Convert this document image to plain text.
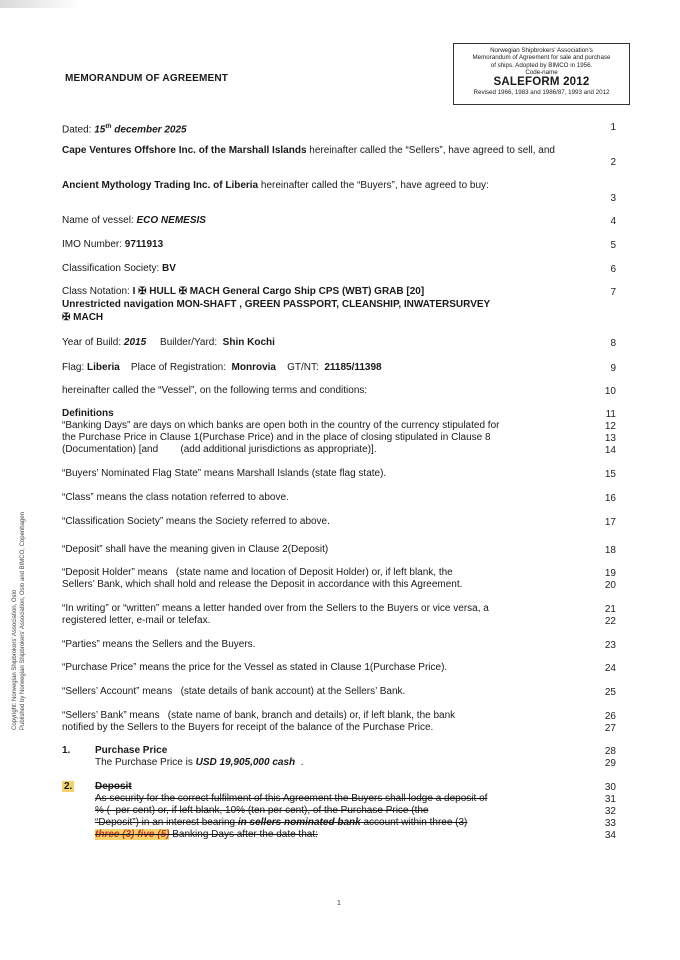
MEMORANDUM OF AGREEMENT
Norwegian Shipbrokers' Association's
Memorandum of Agreement for sale and purchase
of ships. Adopted by BIMCO in 1956.
Code-name
SALEFORM 2012
Revised 1966, 1983 and 1986/87, 1993 and 2012
Dated: 15th december 2025	1
Cape Ventures Offshore Inc. of the Marshall Islands hereinafter called the “Sellers”, have agreed to sell, and
2
Ancient Mythology Trading Inc. of Liberia hereinafter called the “Buyers”, have agreed to buy:
3
Name of vessel: ECO NEMESIS	4
IMO Number: 9711913	5
Classification Society: BV	6
Class Notation: I ✠ HULL ✠ MACH General Cargo Ship CPS (WBT) GRAB [20]
Unrestricted navigation MON-SHAFT , GREEN PASSPORT, CLEANSHIP, INWATERSURVEY
✠ MACH
7
Year of Build: 2015     Builder/Yard:  Shin Kochi	8
Flag: Liberia    Place of Registration:  Monrovia    GT/NT:  21185/11398	9
hereinafter called the “Vessel”, on the following terms and conditions:	10
Definitions	11
“Banking Days” are days on which banks are open both in the country of the currency stipulated for	12
the Purchase Price in Clause 1(Purchase Price) and in the place of closing stipulated in Clause 8	13
(Documentation) [and        (add additional jurisdictions as appropriate)].	14
“Buyers’ Nominated Flag State” means Marshall Islands (state flag state).	15
“Class” means the class notation referred to above.	16
“Classification Society” means the Society referred to above.	17
“Deposit” shall have the meaning given in Clause 2(Deposit)	18
“Deposit Holder” means   (state name and location of Deposit Holder) or, if left blank, the	19
Sellers’ Bank, which shall hold and release the Deposit in accordance with this Agreement.	20
“In writing” or “written” means a letter handed over from the Sellers to the Buyers or vice versa, a	21
registered letter, e-mail or telefax.	22
“Parties” means the Sellers and the Buyers.	23
“Purchase Price” means the price for the Vessel as stated in Clause 1(Purchase Price).	24
“Sellers’ Account” means   (state details of bank account) at the Sellers’ Bank.	25
“Sellers’ Bank” means   (state name of bank, branch and details) or, if left blank, the bank	26
notified by the Sellers to the Buyers for receipt of the balance of the Purchase Price.	27
1. Purchase Price	28
The Purchase Price is USD 19,905,000 cash  .	29
2. Deposit	30
As security for the correct fulfilment of this Agreement the Buyers shall lodge a deposit of	31
% (  per cent) or, if left blank, 10% (ten per cent), of the Purchase Price (the	32
“Deposit”) in an interest bearing in sellers nominated bank account within three (3)	33
three (3) five (5) Banking Days after the date that:	34
Copyright: Norwegian Shipbrokers' Association, Oslo Published by Norwegian Shipbrokers' Association, Oslo and BIMCO, Copenhagen
1
